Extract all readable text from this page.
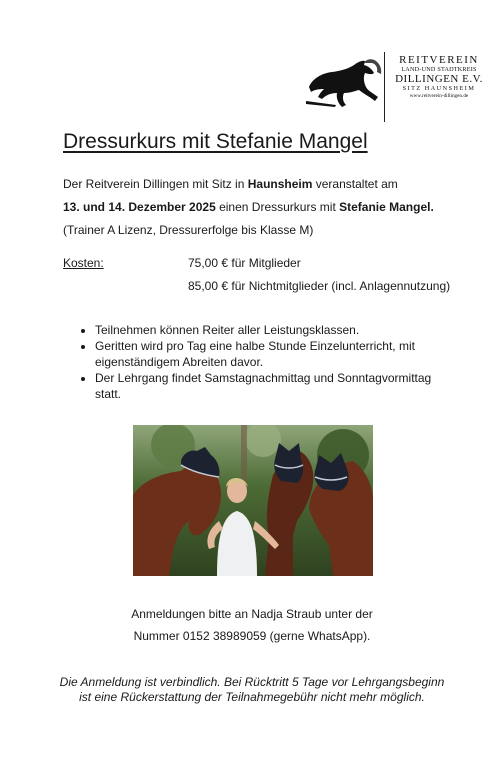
REITVEREIN
LAND-UND STADTKREIS
DILLINGEN E.V.
SITZ HAUNSHEIM
www.reitverein-dillingen.de
Dressurkurs mit Stefanie Mangel
Der Reitverein Dillingen mit Sitz in Haunsheim veranstaltet am
13. und 14. Dezember 2025 einen Dressurkurs mit Stefanie Mangel.
(Trainer A Lizenz, Dressurerfolge bis Klasse M)
Kosten:	75,00 € für Mitglieder
85,00 € für Nichtmitglieder (incl. Anlagennutzung)
• Teilnehmen können Reiter aller Leistungsklassen.
• Geritten wird pro Tag eine halbe Stunde Einzelunterricht, mit eigenständigem Abreiten davor.
• Der Lehrgang findet Samstagnachmittag und Sonntagvormittag statt.
Anmeldungen bitte an Nadja Straub unter der
Nummer 0152 38989059 (gerne WhatsApp).
Die Anmeldung ist verbindlich. Bei Rücktritt 5 Tage vor Lehrgangsbeginn
ist eine Rückerstattung der Teilnahmegebühr nicht mehr möglich.
